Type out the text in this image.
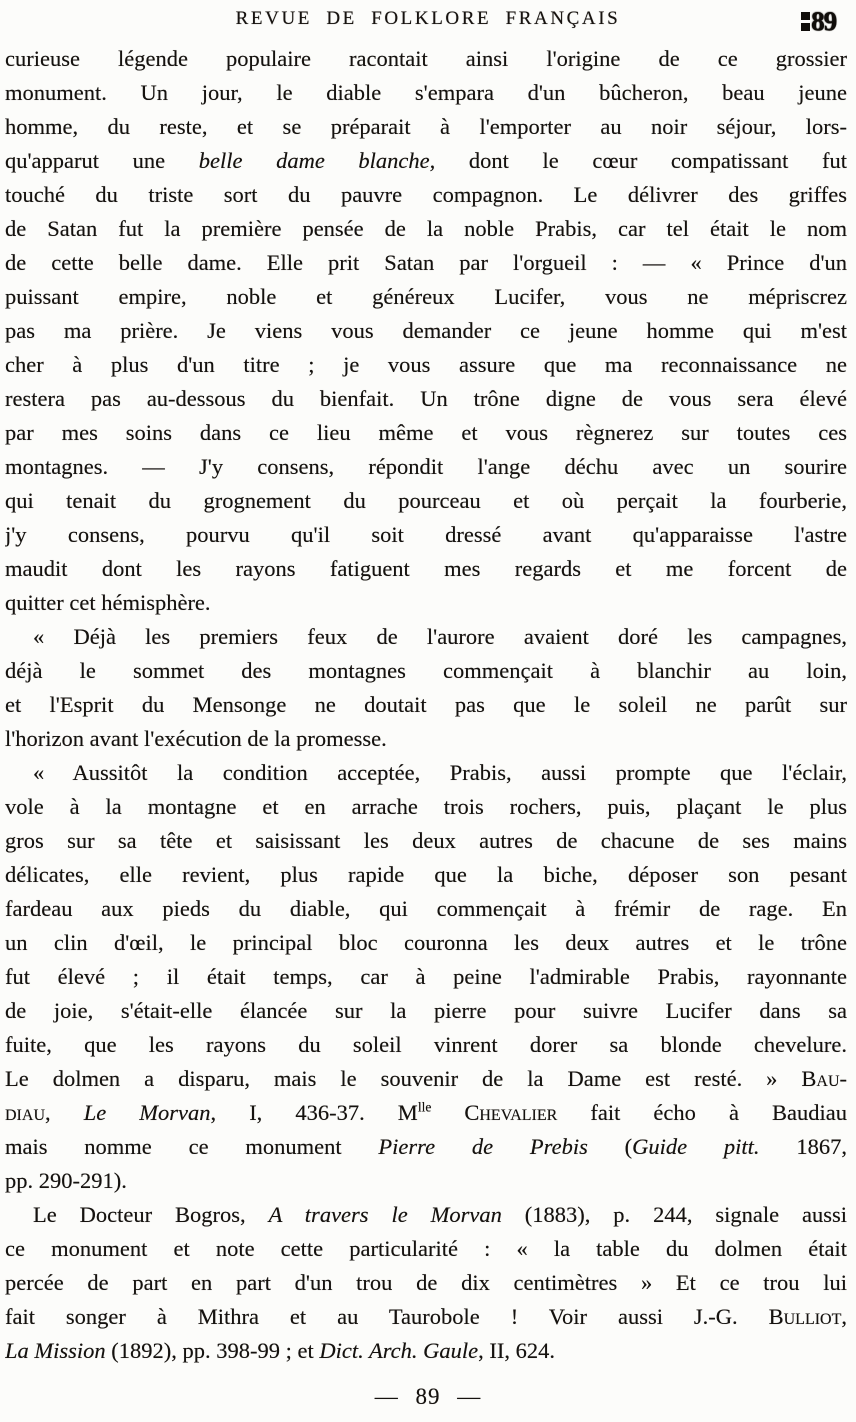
REVUE DE FOLKLORE FRANÇAIS	89
curieuse légende populaire racontait ainsi l'origine de ce grossier
monument. Un jour, le diable s'empara d'un bûcheron, beau jeune
homme, du reste, et se préparait à l'emporter au noir séjour, lors-
qu'apparut une belle dame blanche, dont le cœur compatissant fut
touché du triste sort du pauvre compagnon. Le délivrer des griffes
de Satan fut la première pensée de la noble Prabis, car tel était le nom
de cette belle dame. Elle prit Satan par l'orgueil : — « Prince d'un
puissant empire, noble et généreux Lucifer, vous ne mépriscrez
pas ma prière. Je viens vous demander ce jeune homme qui m'est
cher à plus d'un titre ; je vous assure que ma reconnaissance ne
restera pas au-dessous du bienfait. Un trône digne de vous sera élevé
par mes soins dans ce lieu même et vous règnerez sur toutes ces
montagnes. — J'y consens, répondit l'ange déchu avec un sourire
qui tenait du grognement du pourceau et où perçait la fourberie,
j'y consens, pourvu qu'il soit dressé avant qu'apparaisse l'astre
maudit dont les rayons fatiguent mes regards et me forcent de
quitter cet hémisphère.
« Déjà les premiers feux de l'aurore avaient doré les campagnes,
déjà le sommet des montagnes commençait à blanchir au loin,
et l'Esprit du Mensonge ne doutait pas que le soleil ne parût sur
l'horizon avant l'exécution de la promesse.
« Aussitôt la condition acceptée, Prabis, aussi prompte que l'éclair,
vole à la montagne et en arrache trois rochers, puis, plaçant le plus
gros sur sa tête et saisissant les deux autres de chacune de ses mains
délicates, elle revient, plus rapide que la biche, déposer son pesant
fardeau aux pieds du diable, qui commençait à frémir de rage. En
un clin d'œil, le principal bloc couronna les deux autres et le trône
fut élevé ; il était temps, car à peine l'admirable Prabis, rayonnante
de joie, s'était-elle élancée sur la pierre pour suivre Lucifer dans sa
fuite, que les rayons du soleil vinrent dorer sa blonde chevelure.
Le dolmen a disparu, mais le souvenir de la Dame est resté. » Bau-
diau, Le Morvan, I, 436-37. $M^{lle}$ Chevalier fait écho à Baudiau
mais nomme ce monument Pierre de Prebis (Guide pitt. 1867,
pp. 290-291).
Le Docteur Bogros, A travers le Morvan (1883), p. 244, signale aussi
ce monument et note cette particularité : « la table du dolmen était
percée de part en part d'un trou de dix centimètres » Et ce trou lui
fait songer à Mithra et au Taurobole ! Voir aussi J.-G. Bulliot,
La Mission (1892), pp. 398-99 ; et Dict. Arch. Gaule, II, 624.
— 89 —
